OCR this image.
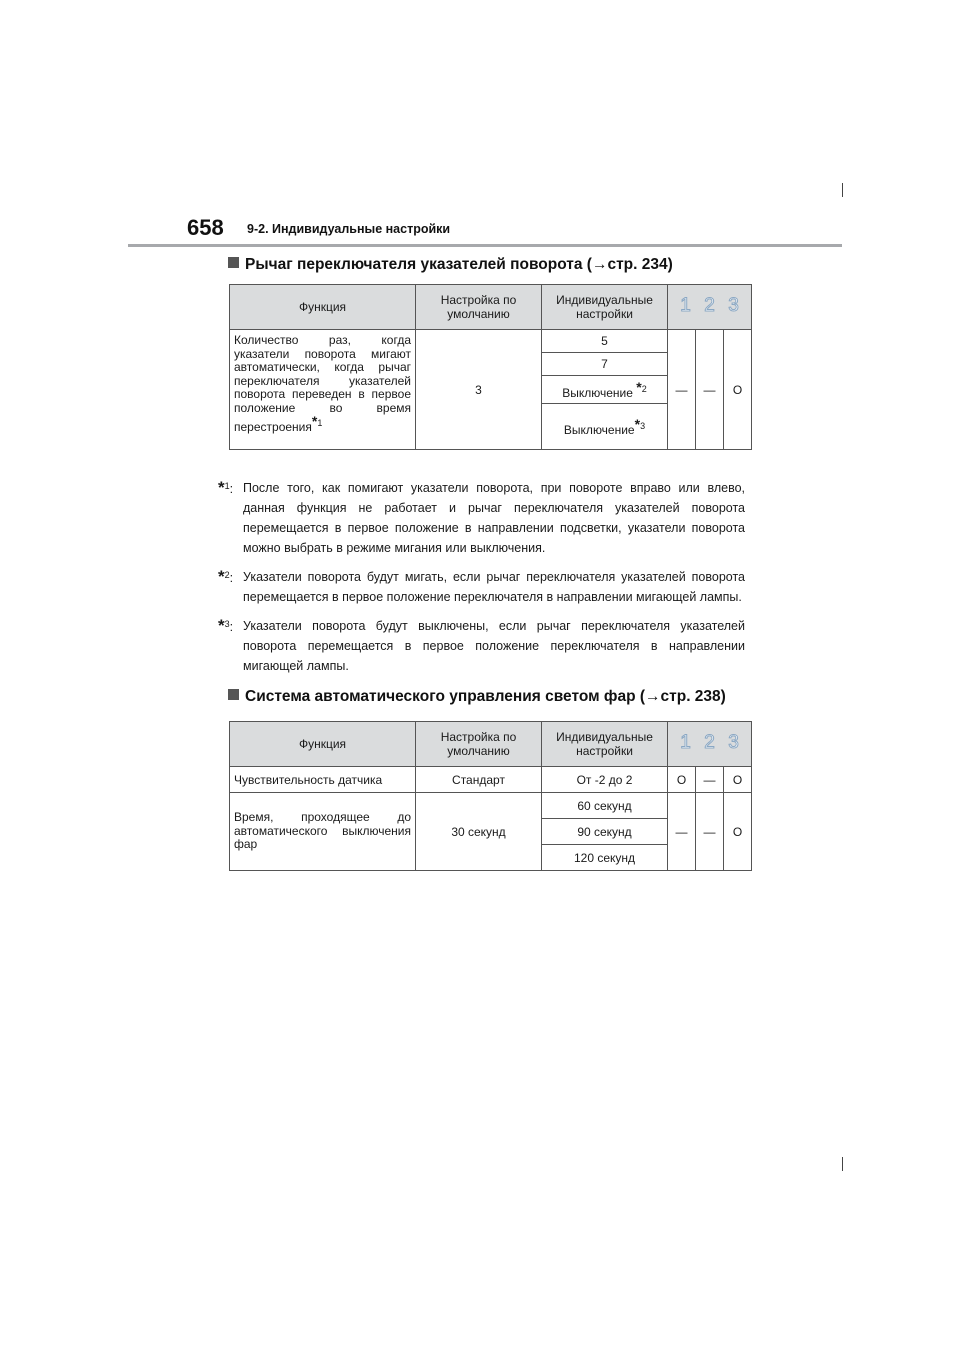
658 9-2. Индивидуальные настройки
Рычаг переключателя указателей поворота (→стр. 234)
Функция	Настройка по умолчанию	Индивидуальные настройки	1 2 3		

Количество раз, когда указатели поворота мигают автоматически, когда рычаг переключателя указателей поворота переведен в первое положение во время перестроения$^{*1}$	3	5	—	—	O
		7			
		Выключение $^{*2}$
		Выключение$^{*3}$
$*_1$: После того, как помигают указатели поворота, при повороте вправо или влево, данная функция не работает и рычаг переключателя указателей поворота перемещается в первое положение в направлении подсветки, указатели поворота можно выбрать в режиме мигания или выключения.
$*_2$: Указатели поворота будут мигать, если рычаг переключателя указателей поворота перемещается в первое положение переключателя в направлении мигающей лампы.
$*_3$: Указатели поворота будут выключены, если рычаг переключателя указателей поворота перемещается в первое положение переключателя в направлении мигающей лампы.
Система автоматического управления светом фар (→стр. 238)
Функция	Настройка по умолчанию	Индивидуальные настройки	1 2 3		

Чувствительность датчика	Стандарт	От -2 до 2	O	—	O
Время, проходящее до автоматического выключения фар	30 секунд	60 секунд	—	—	O
		90 секунд			
		120 секунд			
